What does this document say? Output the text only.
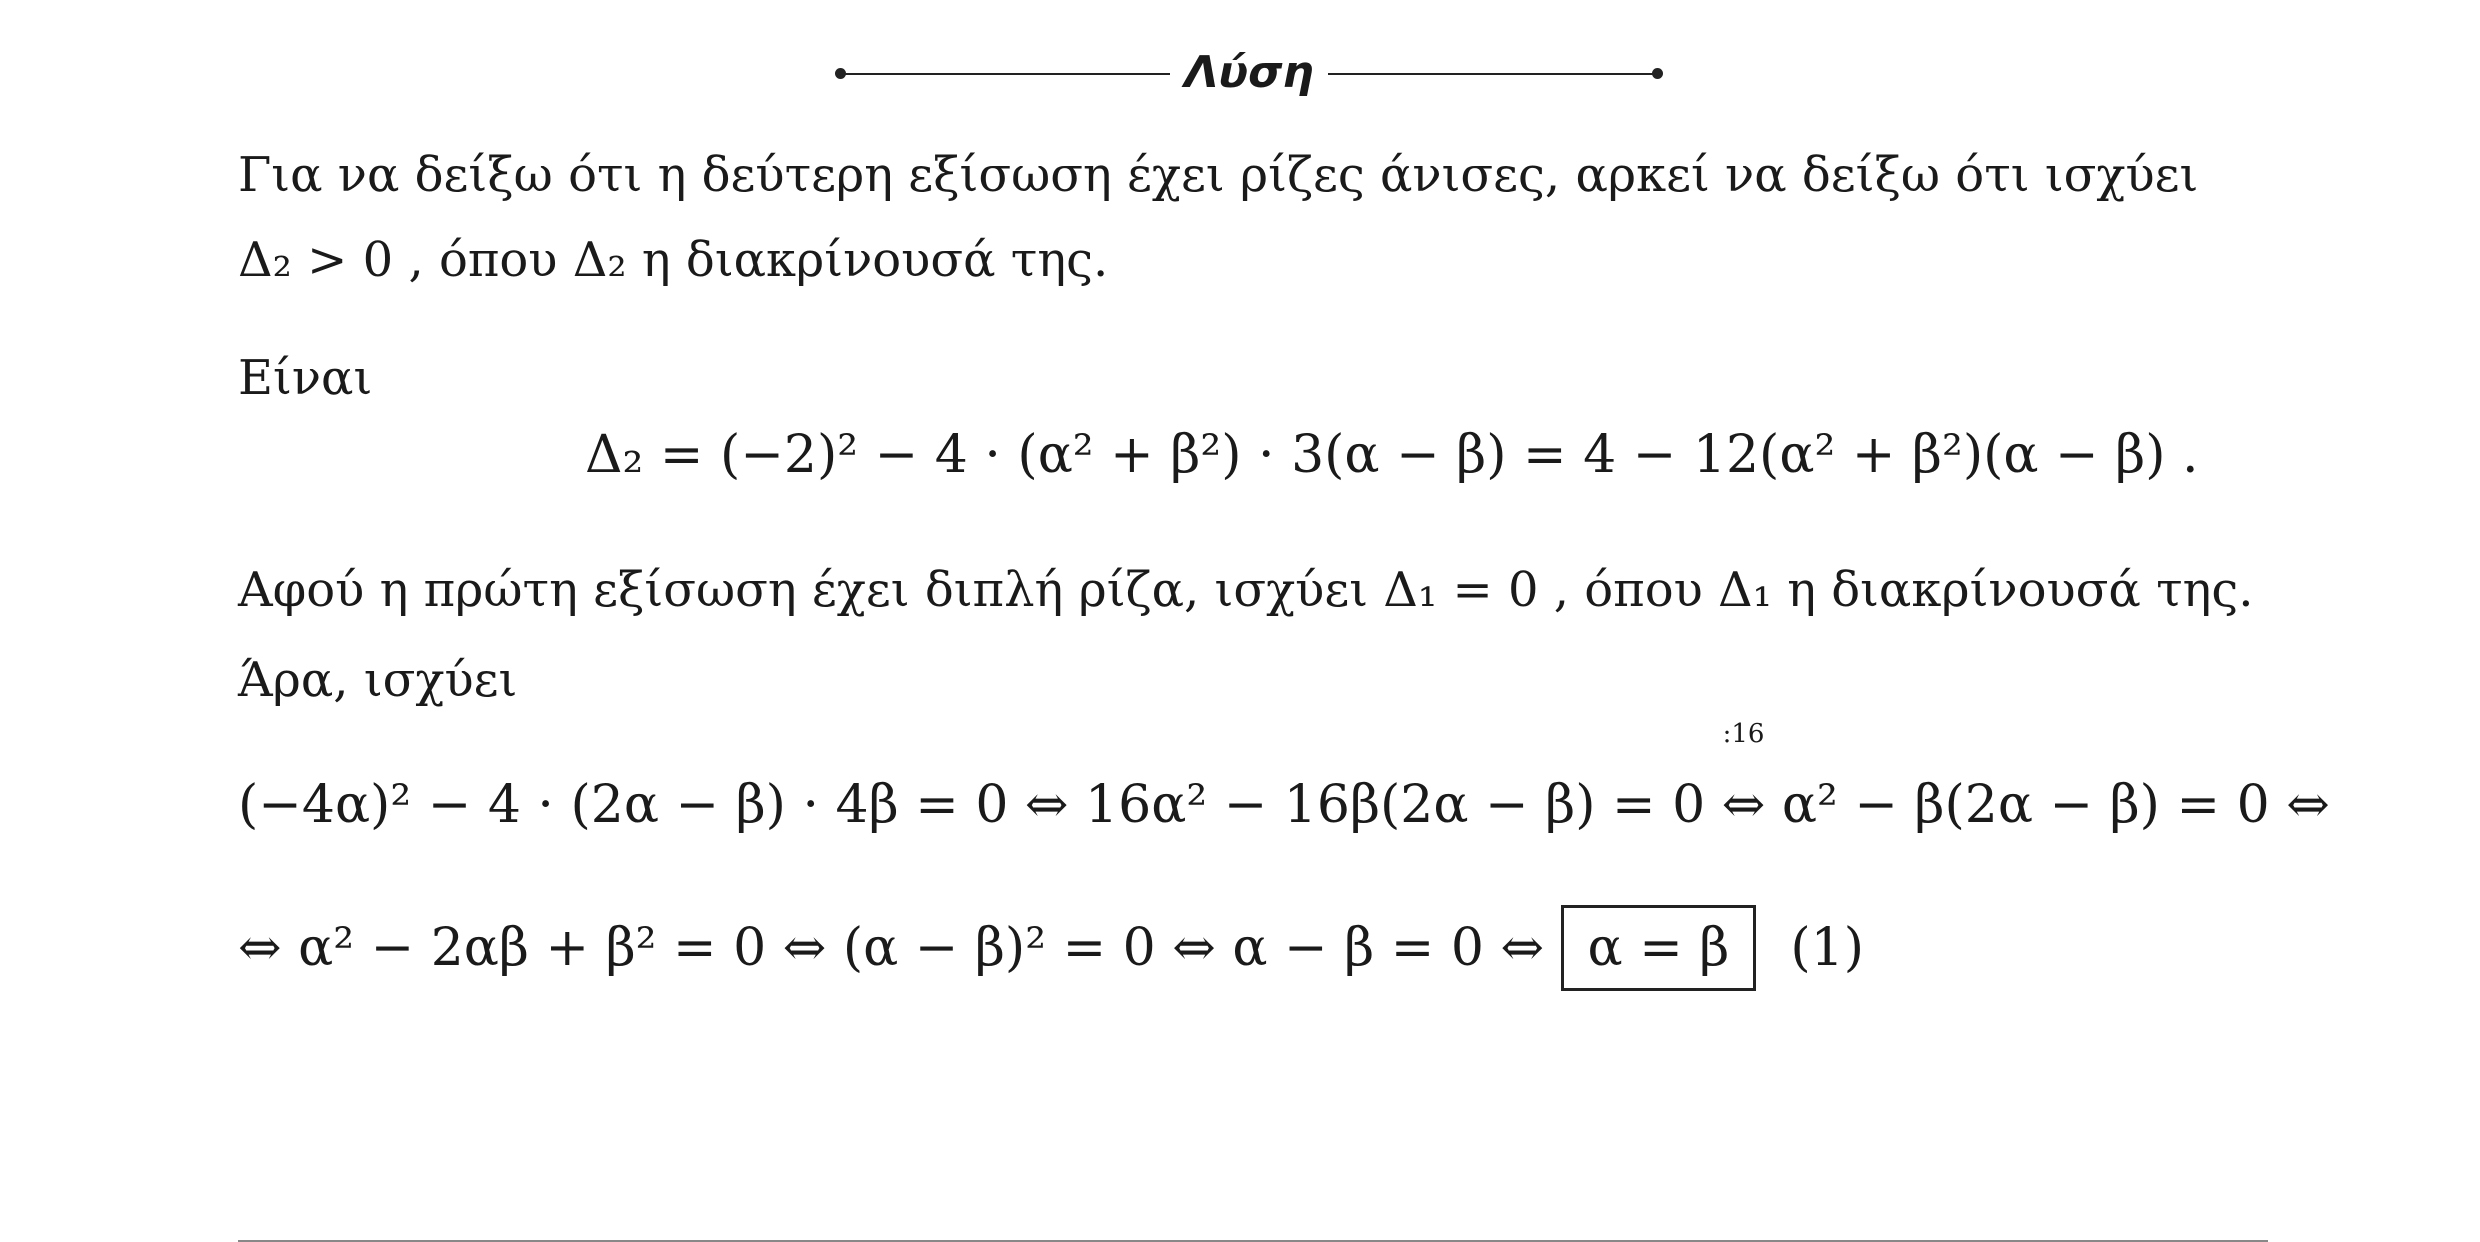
Λύση
Για να δείξω ότι η δεύτερη εξίσωση έχει ρίζες άνισες, αρκεί να δείξω ότι ισχύει
Δ₂ > 0 , όπου Δ₂ η διακρίνουσά της.
Είναι
Δ₂ = (−2)² − 4 · (α² + β²) · 3(α − β) = 4 − 12(α² + β²)(α − β) .
Αφού η πρώτη εξίσωση έχει διπλή ρίζα, ισχύει Δ₁ = 0 , όπου Δ₁ η διακρίνουσά της.
Άρα, ισχύει
(−4α)² − 4 · (2α − β) · 4β = 0 ⇔ 16α² − 16β(2α − β) = 0
:16
⇔ α² − β(2α − β) = 0 ⇔
⇔ α² − 2αβ + β² = 0 ⇔ (α − β)² = 0 ⇔ α − β = 0 ⇔ α = β (1)
